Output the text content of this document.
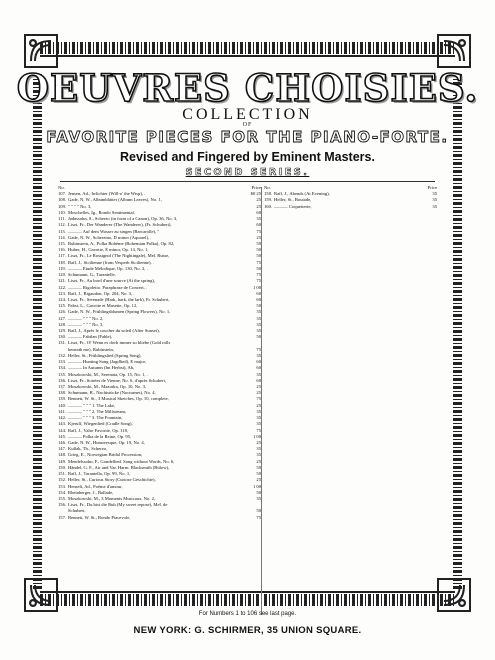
OEUVRES CHOISIES.
COLLECTION
OF
FAVORITE PIECES FOR THE PIANO-FORTE.
Revised and Fingered by Eminent Masters.
SECOND SERIES.
No.	Price
107. Jensen, Ad., Irrlichter (Will-o' the Wisp), .	$0 25
108. Gade, N. W., Albumblätter (Album Leaves), No. 1,	25
109. " " " " No. 3,	25
110. Moschelles, Ig., Rondo Sentimental,	60
111. Jadassohn, S., Scherzo (in form of a Canon), Op. 36, No. 3,	35
112. Liszt, Fr., Der Wanderer (The Wanderer), (Fr. Schubert),	60
113. ——— Auf dem Wasser zu singen (Barcarolle), "	75
114. Gade, N. W., Scherzino, D minor (Aquarel), .	25
115. Rubinstein, A., Polka Bohème (Bohemian Polka), Op. 82,	50
116. Huber, H., Gavotte, E minor, Op. 14, No. 1,	50
117. Liszt, Fr., Le Rossignol (The Nightingale), Mel. Russe,	50
118. Raff, J., Sicilienne (from Vesperb Sicilienne), .	75
119. ——— Etude Mélodique, Op. 130, No. 2, .	50
120. Schumann, G., Tarantelle,	75
121. Liszt, Fr., Au bord d'une source (At the spring),	75
122. ——— Rigoletto. Paraphrase de Concert, .	1 00
123. Raff, J., Rigaudon, Op. 204, No. 3, .	60
124. Liszt, Fr., Serenade (Hark, hark, the lark), Fr. Schubert,	60
125. Pabst, L., Gavotte et Musette, Op. 12,	50
126. Gade, N. W., Frühlingsblumen (Spring Flowers), No. 1,	35
127. ——— " " " No. 2,	35
128. ——— " " " No. 3,	35
129. Raff, J., Après le coucher du soleil (After Sunset),	35
130. ——— Fabilan (Fable),	50
131. Liszt, Fr., O! Wenn es doch immer so bliebe (Gold rolls
beneath me), Rubinstein,	75
132. Heller, St., Frühlingslied (Spring Song),	35
133. ——— Hunting Song (Jagdlied), E major,	60
134. ——— In Autumn (Im Herbst), Ab,	60
135. Moszkowski, M., Serenata, Op. 15, No. 1, .	35
136. Liszt, Fr., Soirées de Vienne, No. 6, d'après Schubert,	60
137. Moszkowski, M., Mazurka, Op. 10, No. 3,	25
138. Schumann, R., Nachtstücke (Nocturnes), No. 4,	25
139. Bennett, W. St., 3 Musical Sketches, Op. 10, complete,	75
140. ——— " " " 1. The Lake,	25
141. ——— " " " 2. The Millstream,	35
142. ——— " " " 3. The Fountain,	35
143. Kjerulf, Wiegenlied (Cradle Song),	35
144. Raff, J., Valse Favorite, Op. 118,	75
145. ——— Polka de la Reine, Op. 95,	1 00
146. Gade, N. W., Humoresque, Op. 19, No. 4,	25
147. Kullak, Th., Scherzo,	35
148. Grieg, E., Norwegian Bridal Procession,	35
149. Mendelssohn, F., Gondellied. Song without Words, No. 6,	25
150. Händel, G. F., Air and Var. Harm. Blacksmith (Bülow),	50
151. Raff, J., Tarantella, Op. 99, No. 1,	50
152. Heller, St., Curious Story (Curiose Geschichte),	25
153. Henselt, Ad., Poème d'amour,	1 00
154. Rheinberger, J., Ballade,	50
155. Moszkowski, M., 3 Moments Musicaux, No. 2,	35
156. Liszt, Fr., Du bist die Ruh (My sweet repose), Mel. de
Schubert,	50
157. Bennett, W. St., Rondo Piacevole,	75
No.	Price
158. Raff, J., Abends (At Evening),	35
159. Heller, St., Boutade,	35
160. ——— Coquetterie,	35
For Numbers 1 to 106 see last page.
NEW YORK: G. SCHIRMER, 35 UNION SQUARE.
